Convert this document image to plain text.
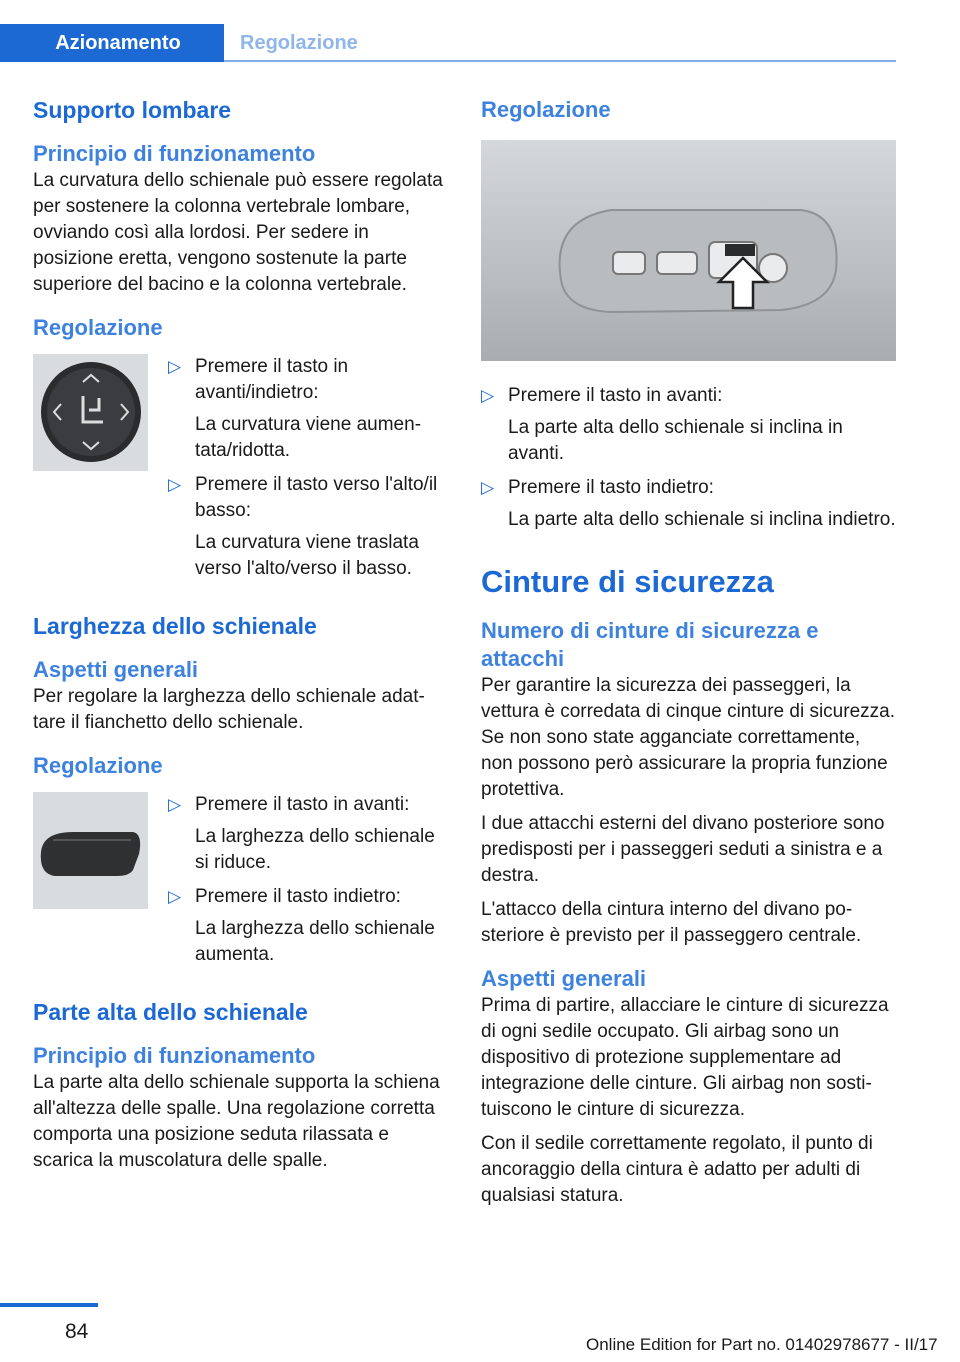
Azionamento	Regolazione
Supporto lombare
Principio di funzionamento

La curvatura dello schienale può essere regolata per sostenere la colonna vertebrale lombare, ovviando così alla lordosi. Per sedere in posizione eretta, vengono sostenute la parte superiore del bacino e la colonna vertebrale.

Regolazione
▷ Premere il tasto in avanti/indietro:

La curvatura viene aumentata/ridotta.

▷ Premere il tasto verso l'alto/il basso:

La curvatura viene traslata verso l'alto/verso il basso.

Larghezza dello schienale
Aspetti generali

Per regolare la larghezza dello schienale adattare il fianchetto dello schienale.

Regolazione
▷ Premere il tasto in avanti:

La larghezza dello schienale si riduce.

▷ Premere il tasto indietro:

La larghezza dello schienale aumenta.

Parte alta dello schienale
Principio di funzionamento

La parte alta dello schienale supporta la schiena all'altezza delle spalle. Una regolazione corretta comporta una posizione seduta rilassata e scarica la muscolatura delle spalle.

Regolazione
▷ Premere il tasto in avanti:

La parte alta dello schienale si inclina in avanti.

▷ Premere il tasto indietro:

La parte alta dello schienale si inclina indietro.

Cinture di sicurezza
Numero di cinture di sicurezza e attacchi

Per garantire la sicurezza dei passeggeri, la vettura è corredata di cinque cinture di sicurezza. Se non sono state agganciate correttamente, non possono però assicurare la propria funzione protettiva.

I due attacchi esterni del divano posteriore sono predisposti per i passeggeri seduti a sinistra e a destra.

L'attacco della cintura interno del divano posteriore è previsto per il passeggero centrale.

Aspetti generali

Prima di partire, allacciare le cinture di sicurezza di ogni sedile occupato. Gli airbag sono un dispositivo di protezione supplementare ad integrazione delle cinture. Gli airbag non sostituiscono le cinture di sicurezza.

Con il sedile correttamente regolato, il punto di ancoraggio della cintura è adatto per adulti di qualsiasi statura.

84
Online Edition for Part no. 01402978677 - II/17
